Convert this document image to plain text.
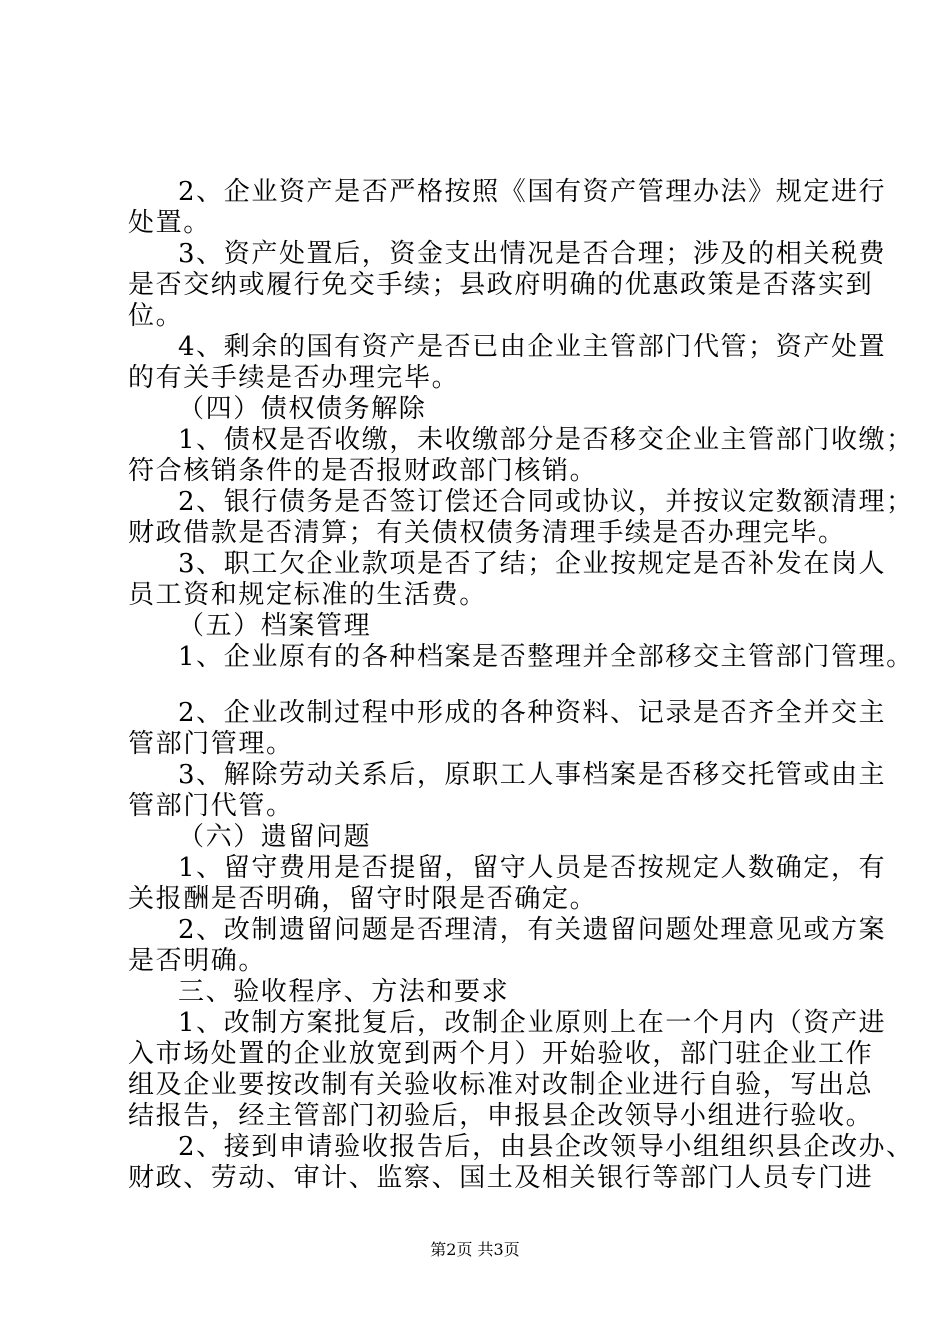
2、企业资产是否严格按照《国有资产管理办法》规定进行
处置。
3、资产处置后，资金支出情况是否合理；涉及的相关税费
是否交纳或履行免交手续；县政府明确的优惠政策是否落实到
位。
4、剩余的国有资产是否已由企业主管部门代管；资产处置
的有关手续是否办理完毕。
（四）债权债务解除
1、债权是否收缴，未收缴部分是否移交企业主管部门收缴；
符合核销条件的是否报财政部门核销。
2、银行债务是否签订偿还合同或协议，并按议定数额清理；
财政借款是否清算；有关债权债务清理手续是否办理完毕。
3、职工欠企业款项是否了结；企业按规定是否补发在岗人
员工资和规定标准的生活费。
（五）档案管理
1、企业原有的各种档案是否整理并全部移交主管部门管理。
2、企业改制过程中形成的各种资料、记录是否齐全并交主
管部门管理。
3、解除劳动关系后，原职工人事档案是否移交托管或由主
管部门代管。
（六）遗留问题
1、留守费用是否提留，留守人员是否按规定人数确定，有
关报酬是否明确，留守时限是否确定。
2、改制遗留问题是否理清，有关遗留问题处理意见或方案
是否明确。
三、验收程序、方法和要求
1、改制方案批复后，改制企业原则上在一个月内（资产进
入市场处置的企业放宽到两个月）开始验收，部门驻企业工作
组及企业要按改制有关验收标准对改制企业进行自验，写出总
结报告，经主管部门初验后，申报县企改领导小组进行验收。
2、接到申请验收报告后，由县企改领导小组组织县企改办、
财政、劳动、审计、监察、国土及相关银行等部门人员专门进
第2页 共3页
